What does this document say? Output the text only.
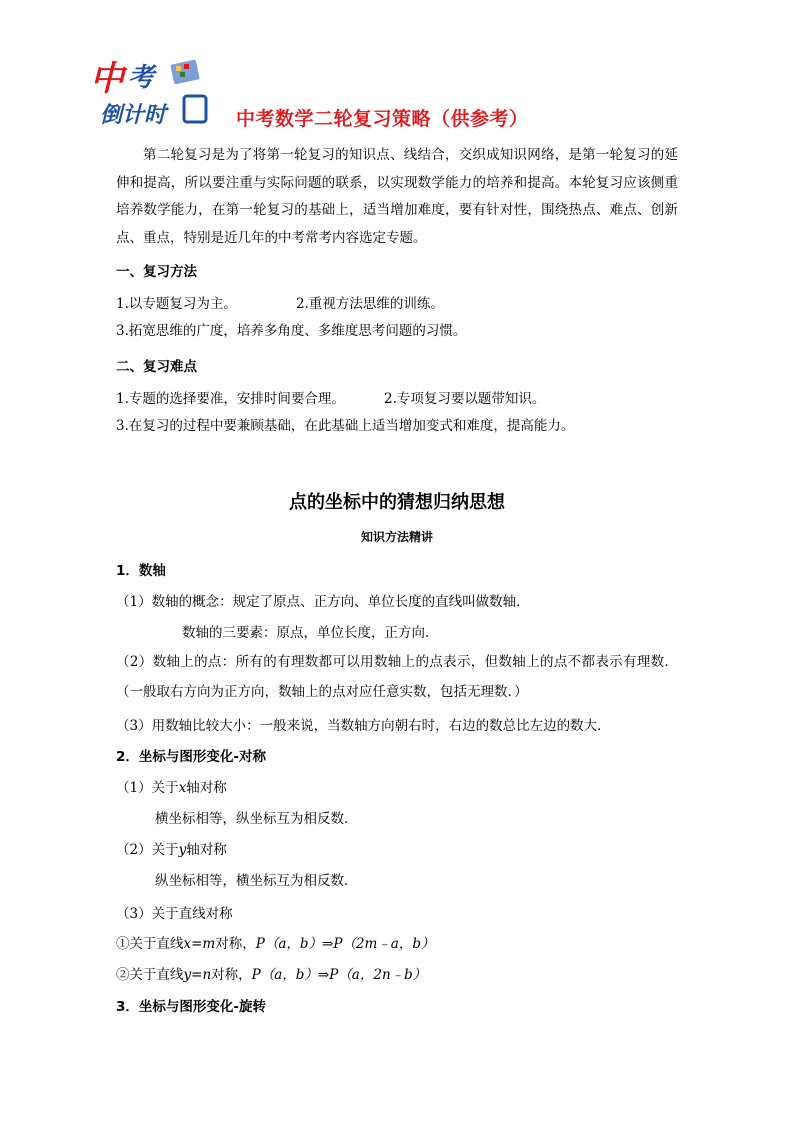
中 考
倒计时	中考数学二轮复习策略（供参考）

第二轮复习是为了将第一轮复习的知识点、线结合，交织成知识网络，是第一轮复习的延伸和提高，所以要注重与实际问题的联系，以实现数学能力的培养和提高。本轮复习应该侧重培养数学能力，在第一轮复习的基础上，适当增加难度，要有针对性，围绕热点、难点、创新点、重点，特别是近几年的中考常考内容选定专题。

一、复习方法
1.以专题复习为主。	2.重视方法思维的训练。
3.拓宽思维的广度，培养多角度、多维度思考问题的习惯。
二、复习难点
1.专题的选择要准，安排时间要合理。	2.专项复习要以题带知识。
3.在复习的过程中要兼顾基础，在此基础上适当增加变式和难度，提高能力。
点的坐标中的猜想归纳思想
知识方法精讲
1．数轴
（1）数轴的概念：规定了原点、正方向、单位长度的直线叫做数轴．
数轴的三要素：原点，单位长度，正方向．
（2）数轴上的点：所有的有理数都可以用数轴上的点表示，但数轴上的点不都表示有理数．（一般取右方向为正方向，数轴上的点对应任意实数，包括无理数．）
（3）用数轴比较大小：一般来说，当数轴方向朝右时，右边的数总比左边的数大．
2．坐标与图形变化-对称
（1）关于x轴对称
横坐标相等，纵坐标互为相反数．
（2）关于y轴对称
纵坐标相等，横坐标互为相反数．
（3）关于直线对称
①关于直线x=m对称，P（a，b）⇒P（2m﹣a，b）
②关于直线y=n对称，P（a，b）⇒P（a，2n﹣b）
3．坐标与图形变化-旋转
